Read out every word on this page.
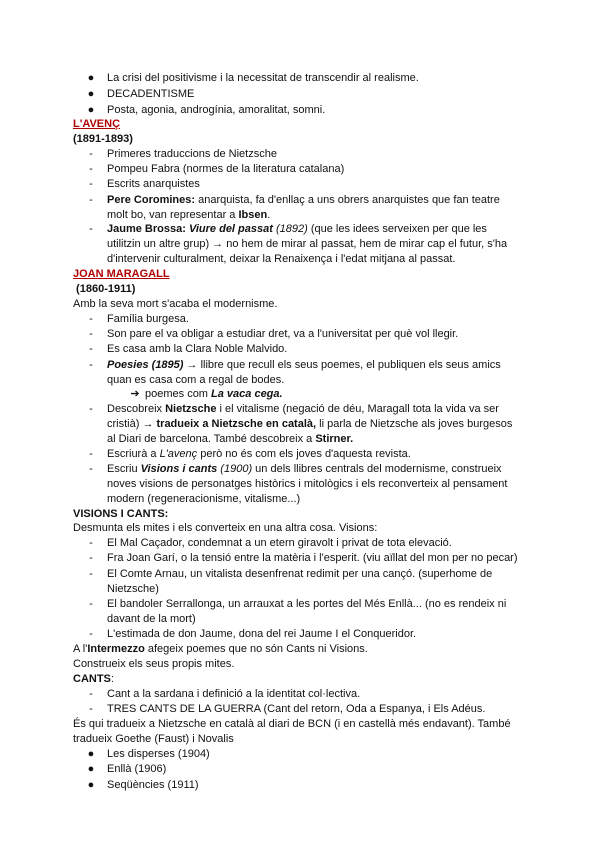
● La crisi del positivisme i la necessitat de transcendir al realisme.
● DECADENTISME
● Posta, agonia, androgínia, amoralitat, somni.
L'AVENÇ
(1891-1893)
-	Primeres traduccions de Nietzsche
-	Pompeu Fabra (normes de la literatura catalana)
-	Escrits anarquistes
-	Pere Coromines: anarquista, fa d'enllaç a uns obrers anarquistes que fan teatre
molt bo, van representar a Ibsen.
-	Jaume Brossa: Viure del passat (1892) (que les idees serveixen per que les
utilitzin un altre grup) → no hem de mirar al passat, hem de mirar cap el futur, s'ha
d'intervenir culturalment, deixar la Renaixença i l'edat mitjana al passat.
JOAN MARAGALL
(1860-1911)
Amb la seva mort s'acaba el modernisme.
-	Família burgesa.
-	Son pare el va obligar a estudiar dret, va a l'universitat per què vol llegir.
-	Es casa amb la Clara Noble Malvido.
-	Poesies (1895) → llibre que recull els seus poemes, el publiquen els seus amics
quan es casa com a regal de bodes.
➔ poemes com La vaca cega.
-	Descobreix Nietzsche i el vitalisme (negació de déu, Maragall tota la vida va ser
cristià) → tradueix a Nietzsche en català, li parla de Nietzsche als joves burgesos
al Diari de barcelona. També descobreix a Stirner.
-	Escriurà a L'avenç però no és com els joves d'aquesta revista.
-	Escriu Visions i cants (1900) un dels llibres centrals del modernisme, construeix
noves visions de personatges històrics i mitològics i els reconverteix al pensament
modern (regeneracionisme, vitalisme...)
VISIONS I CANTS:
Desmunta els mites i els converteix en una altra cosa. Visions:
-	El Mal Caçador, condemnat a un etern giravolt i privat de tota elevació.
-	Fra Joan Garí, o la tensió entre la matèria i l'esperit. (viu aïllat del mon per no pecar)
-	El Comte Arnau, un vitalista desenfrenat redimit per una cançó. (superhome de
Nietzsche)
-	El bandoler Serrallonga, un arrauxat a les portes del Més Enllà... (no es rendeix ni
davant de la mort)
-	L'estimada de don Jaume, dona del rei Jaume I el Conqueridor.
A l'Intermezzo afegeix poemes que no són Cants ni Visions.
Construeix els seus propis mites.
CANTS:
-	Cant a la sardana i definició a la identitat col·lectiva.
-	TRES CANTS DE LA GUERRA (Cant del retorn, Oda a Espanya, i Els Adéus.
És qui tradueix a Nietzsche en català al diari de BCN (i en castellà més endavant). També
tradueix Goethe (Faust) i Novalis
● Les disperses (1904)
● Enllà (1906)
● Seqüències (1911)
